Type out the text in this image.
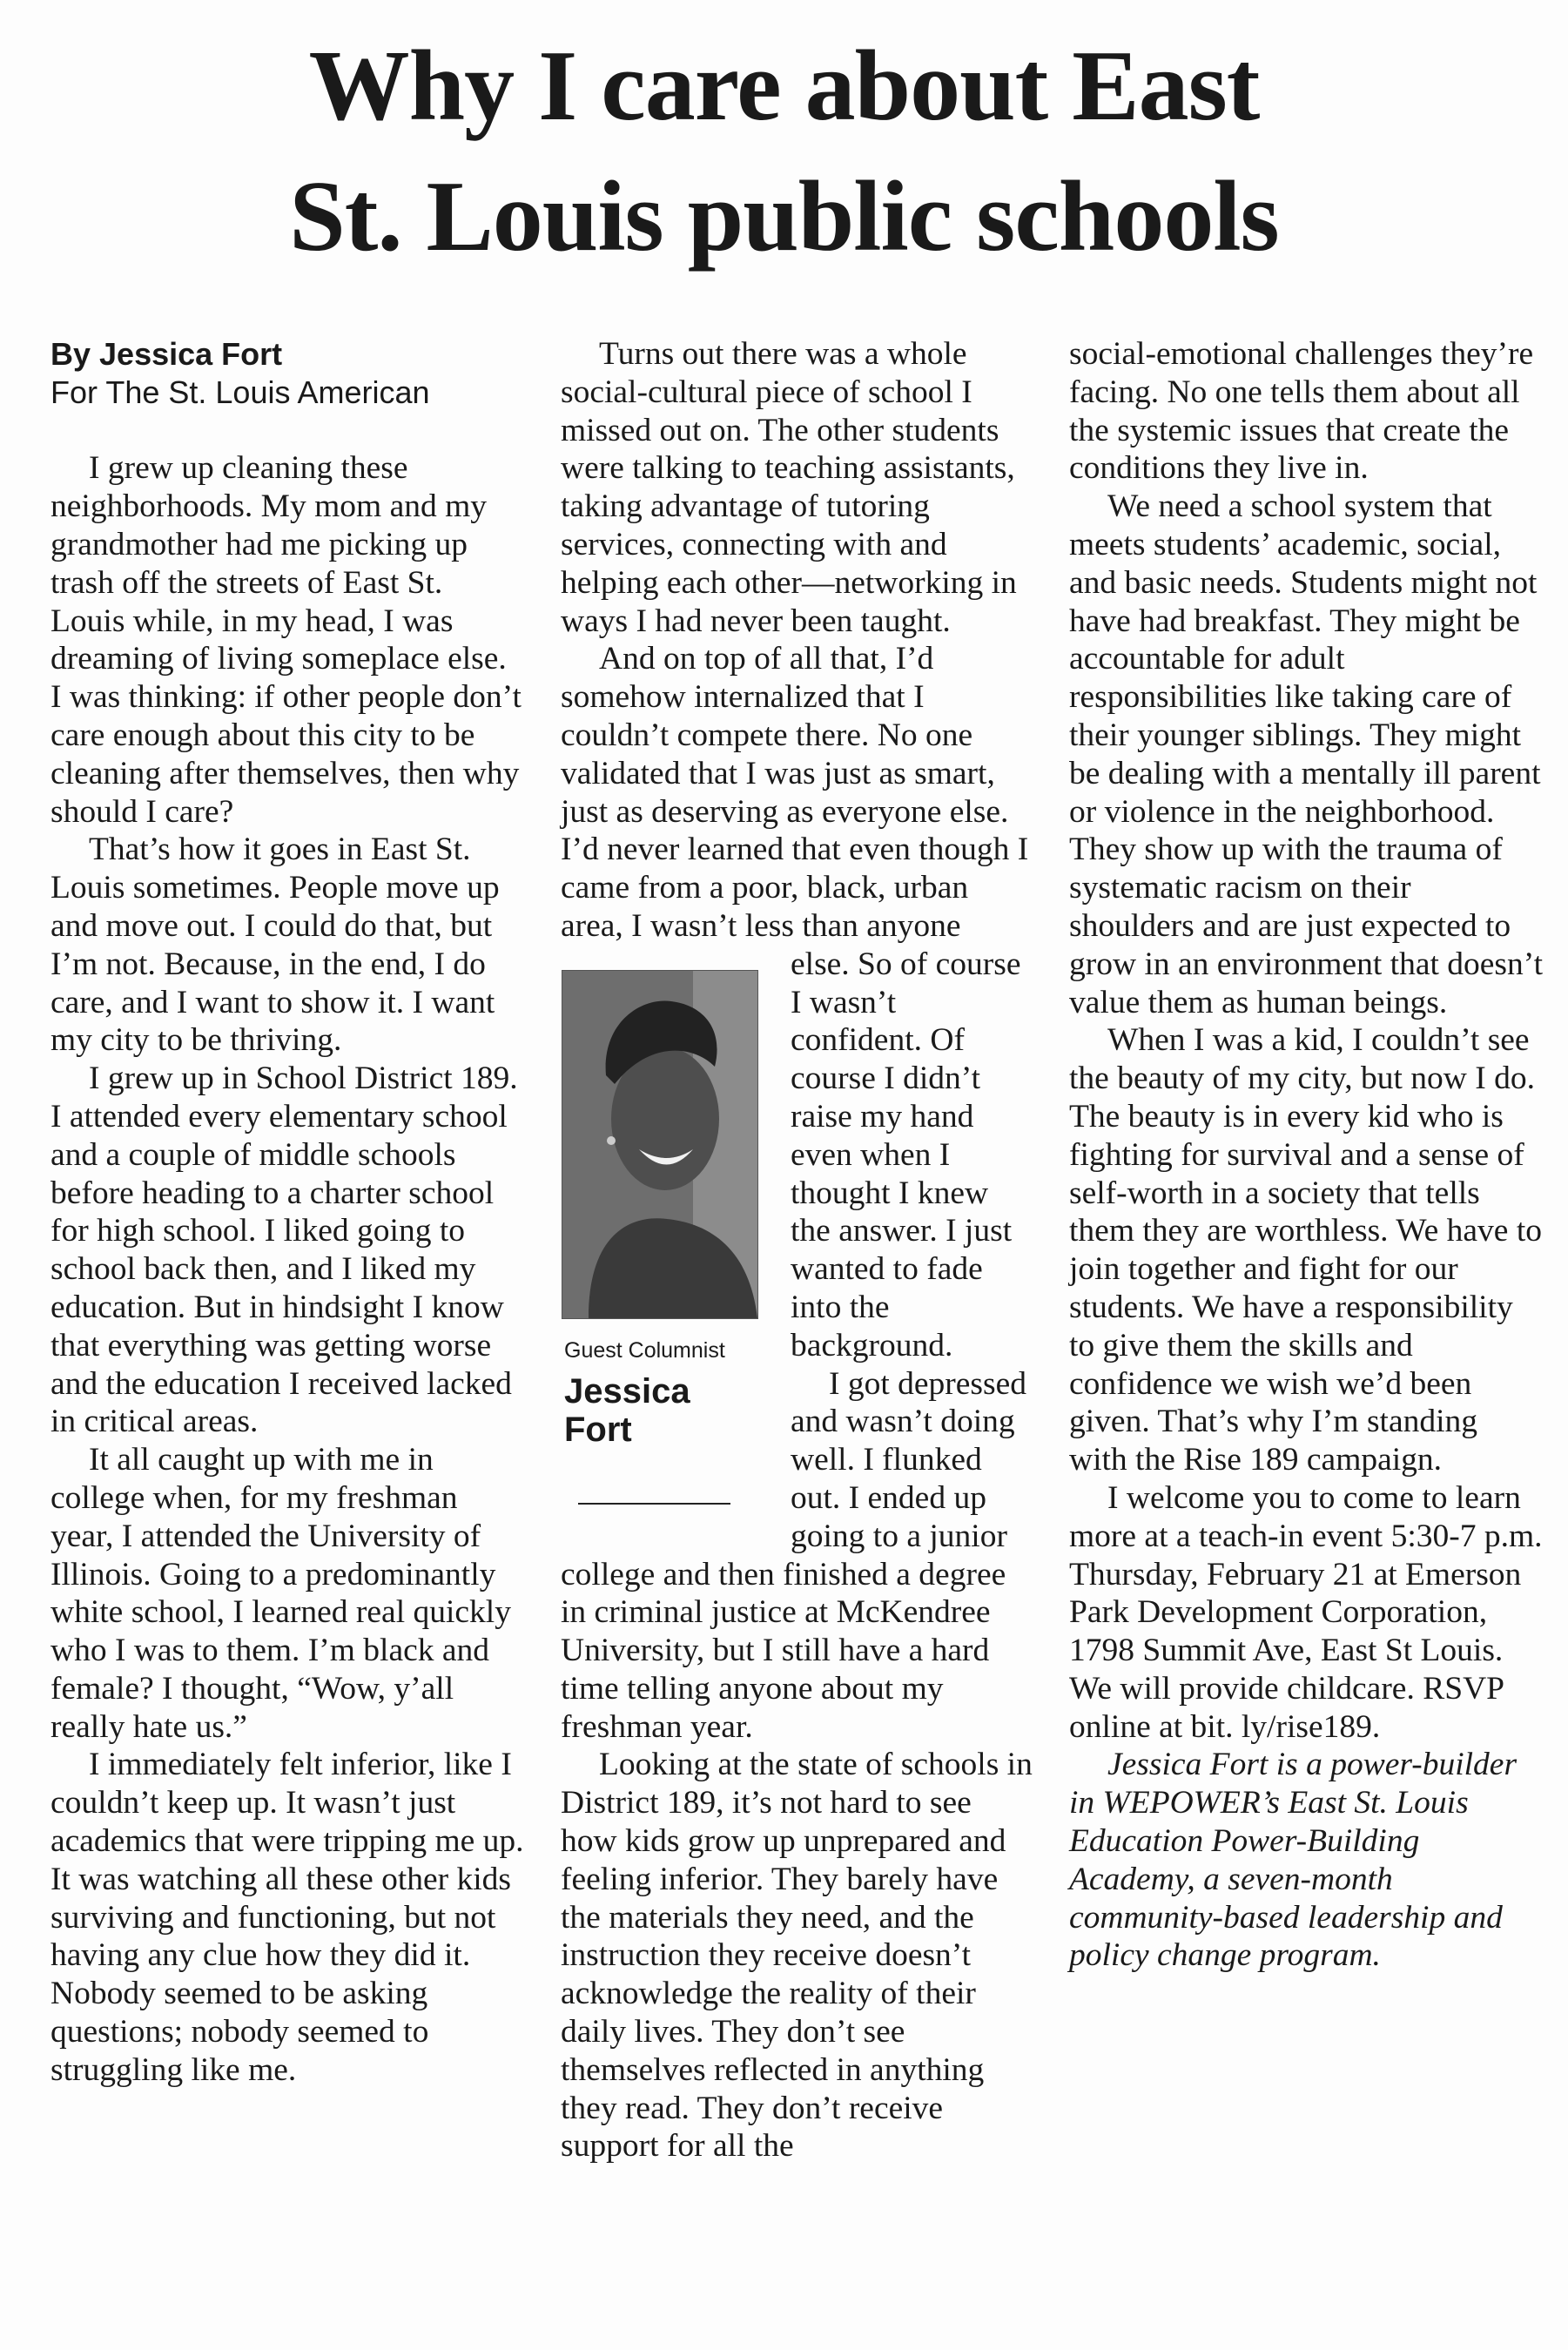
Why I care about East
St. Louis public schools
By Jessica Fort
For The St. Louis American

I grew up cleaning these neighborhoods. My mom and my grandmother had me picking up trash off the streets of East St. Louis while, in my head, I was dreaming of living someplace else. I was thinking: if other people don’t care enough about this city to be cleaning after themselves, then why should I care?

That’s how it goes in East St. Louis sometimes. People move up and move out. I could do that, but I’m not. Because, in the end, I do care, and I want to show it. I want my city to be thriving.

I grew up in School District 189. I attended every elementary school and a couple of middle schools before heading to a charter school for high school. I liked going to school back then, and I liked my education. But in hindsight I know that everything was getting worse and the education I received lacked in critical areas.

It all caught up with me in college when, for my freshman year, I attended the University of Illinois. Going to a predominantly white school, I learned real quickly who I was to them. I’m black and female? I thought, “Wow, y’all really hate us.”

I immediately felt inferior, like I couldn’t keep up. It wasn’t just academics that were tripping me up. It was watching all these other kids surviving and functioning, but not having any clue how they did it. Nobody seemed to be asking questions; nobody seemed to struggling like me.

Turns out there was a whole social-cultural piece of school I missed out on. The other students were talking to teaching assistants, taking advantage of tutoring services, connecting with and helping each other—networking in ways I had never been taught.

And on top of all that, I’d somehow internalized that I couldn’t compete there. No one validated that I was just as smart, just as deserving as everyone else. I’d never learned that even though I came from a poor, black, urban area, I wasn’t less than anyone

Guest Columnist
Jessica Fort

else. So of course I wasn’t confident. Of course I didn’t raise my hand even when I thought I knew the answer. I just wanted to fade into the background.

I got depressed and wasn’t doing well. I flunked out. I ended up going to a junior college and then finished a degree in criminal justice at McKendree University, but I still have a hard time telling anyone about my freshman year.

Looking at the state of schools in District 189, it’s not hard to see how kids grow up unprepared and feeling inferior. They barely have the materials they need, and the instruction they receive doesn’t acknowledge the reality of their daily lives. They don’t see themselves reflected in anything they read. They don’t receive support for all the

social-emotional challenges they’re facing. No one tells them about all the systemic issues that create the conditions they live in.

We need a school system that meets students’ academic, social, and basic needs. Students might not have had breakfast. They might be accountable for adult responsibilities like taking care of their younger siblings. They might be dealing with a mentally ill parent or violence in the neighborhood. They show up with the trauma of systematic racism on their shoulders and are just expected to grow in an environment that doesn’t value them as human beings.

When I was a kid, I couldn’t see the beauty of my city, but now I do. The beauty is in every kid who is fighting for survival and a sense of self-worth in a society that tells them they are worthless. We have to join together and fight for our students. We have a responsibility to give them the skills and confidence we wish we’d been given. That’s why I’m standing with the Rise 189 campaign.

I welcome you to come to learn more at a teach-in event 5:30-7 p.m. Thursday, February 21 at Emerson Park Development Corporation, 1798 Summit Ave, East St Louis. We will provide childcare. RSVP online at bit. ly/rise189.

Jessica Fort is a power-builder in WEPOWER’s East St. Louis Education Power-Building Academy, a seven-month community-based leadership and policy change program.
